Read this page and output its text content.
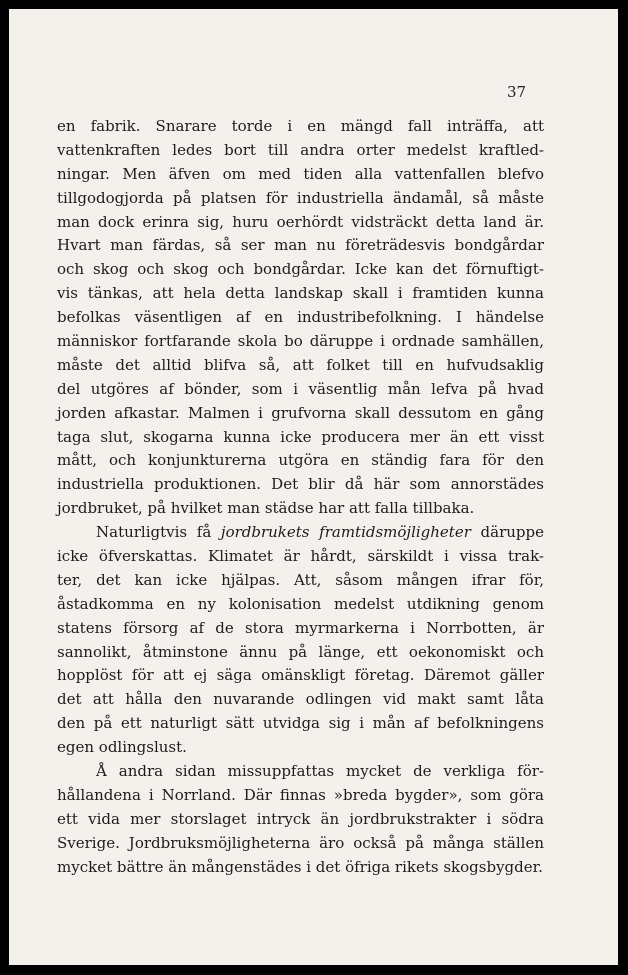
37
en fabrik. Snarare torde i en mängd fall inträffa, att
vattenkraften ledes bort till andra orter medelst kraftled-
ningar. Men äfven om med tiden alla vattenfallen blefvo
tillgodogjorda på platsen för industriella ändamål, så måste
man dock erinra sig, huru oerhördt vidsträckt detta land är.
Hvart man färdas, så ser man nu företrädesvis bondgårdar
och skog och skog och bondgårdar. Icke kan det förnuftigt-
vis tänkas, att hela detta landskap skall i framtiden kunna
befolkas väsentligen af en industribefolkning. I händelse
människor fortfarande skola bo däruppe i ordnade samhällen,
måste det alltid blifva så, att folket till en hufvudsaklig
del utgöres af bönder, som i väsentlig mån lefva på hvad
jorden afkastar. Malmen i grufvorna skall dessutom en gång
taga slut, skogarna kunna icke producera mer än ett visst
mått, och konjunkturerna utgöra en ständig fara för den
industriella produktionen. Det blir då här som annorstädes
jordbruket, på hvilket man städse har att falla tillbaka.
Naturligtvis få jordbrukets framtidsmöjligheter däruppe
icke öfverskattas. Klimatet är hårdt, särskildt i vissa trak-
ter, det kan icke hjälpas. Att, såsom mången ifrar för,
åstadkomma en ny kolonisation medelst utdikning genom
statens försorg af de stora myrmarkerna i Norrbotten, är
sannolikt, åtminstone ännu på länge, ett oekonomiskt och
hopplöst för att ej säga omänskligt företag. Däremot gäller
det att hålla den nuvarande odlingen vid makt samt låta
den på ett naturligt sätt utvidga sig i mån af befolkningens
egen odlingslust.
Å andra sidan missuppfattas mycket de verkliga för-
hållandena i Norrland. Där finnas »breda bygder», som göra
ett vida mer storslaget intryck än jordbrukstrakter i södra
Sverige. Jordbruksmöjligheterna äro också på många ställen
mycket bättre än mångenstädes i det öfriga rikets skogsbygder.
